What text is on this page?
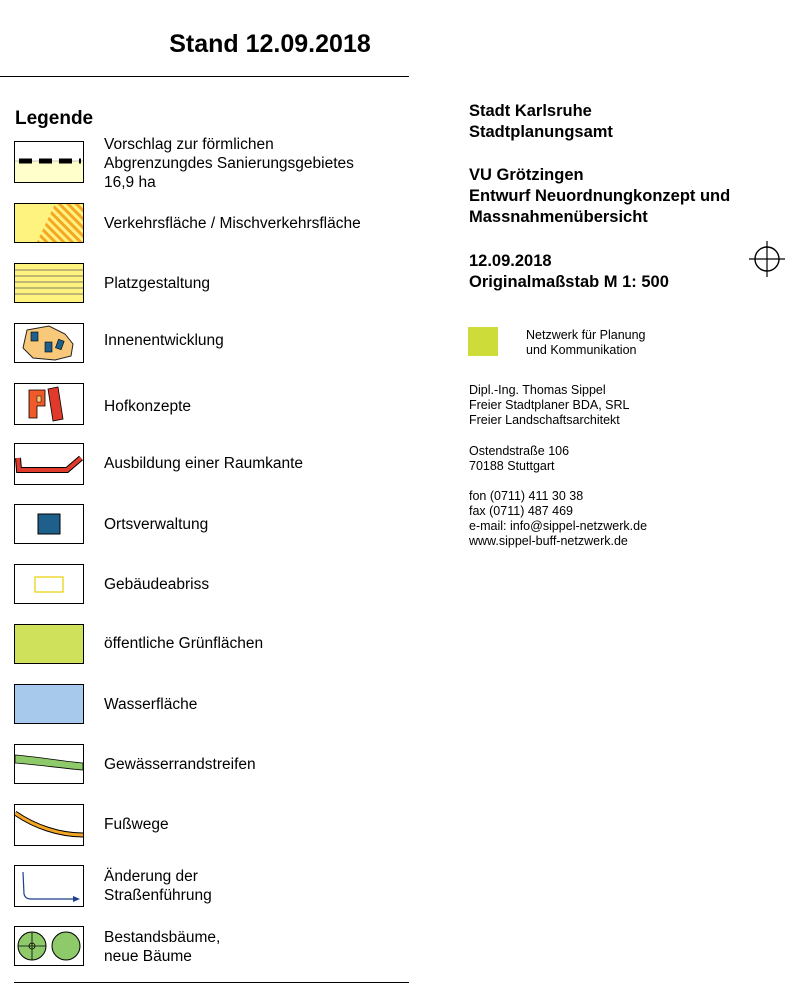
Stand 12.09.2018
Legende
Vorschlag zur förmlichen
Abgrenzungdes Sanierungsgebietes
16,9 ha
Verkehrsfläche / Mischverkehrsfläche
Platzgestaltung
Innenentwicklung
Hofkonzepte
Ausbildung einer Raumkante
Ortsverwaltung
Gebäudeabriss
öffentliche Grünflächen
Wasserfläche
Gewässerrandstreifen
Fußwege
Änderung der
Straßenführung
Bestandsbäume,
neue Bäume
Stadt Karlsruhe
Stadtplanungsamt
VU Grötzingen
Entwurf Neuordnungkonzept und
Massnahmenübersicht
12.09.2018
Originalmaßstab M 1: 500
Netzwerk für Planung
und Kommunikation
Dipl.-Ing. Thomas Sippel
Freier Stadtplaner BDA, SRL
Freier Landschaftsarchitekt
Ostendstraße 106
70188 Stuttgart
fon (0711) 411 30 38
fax (0711) 487 469
e-mail: info@sippel-netzwerk.de
www.sippel-buff-netzwerk.de
